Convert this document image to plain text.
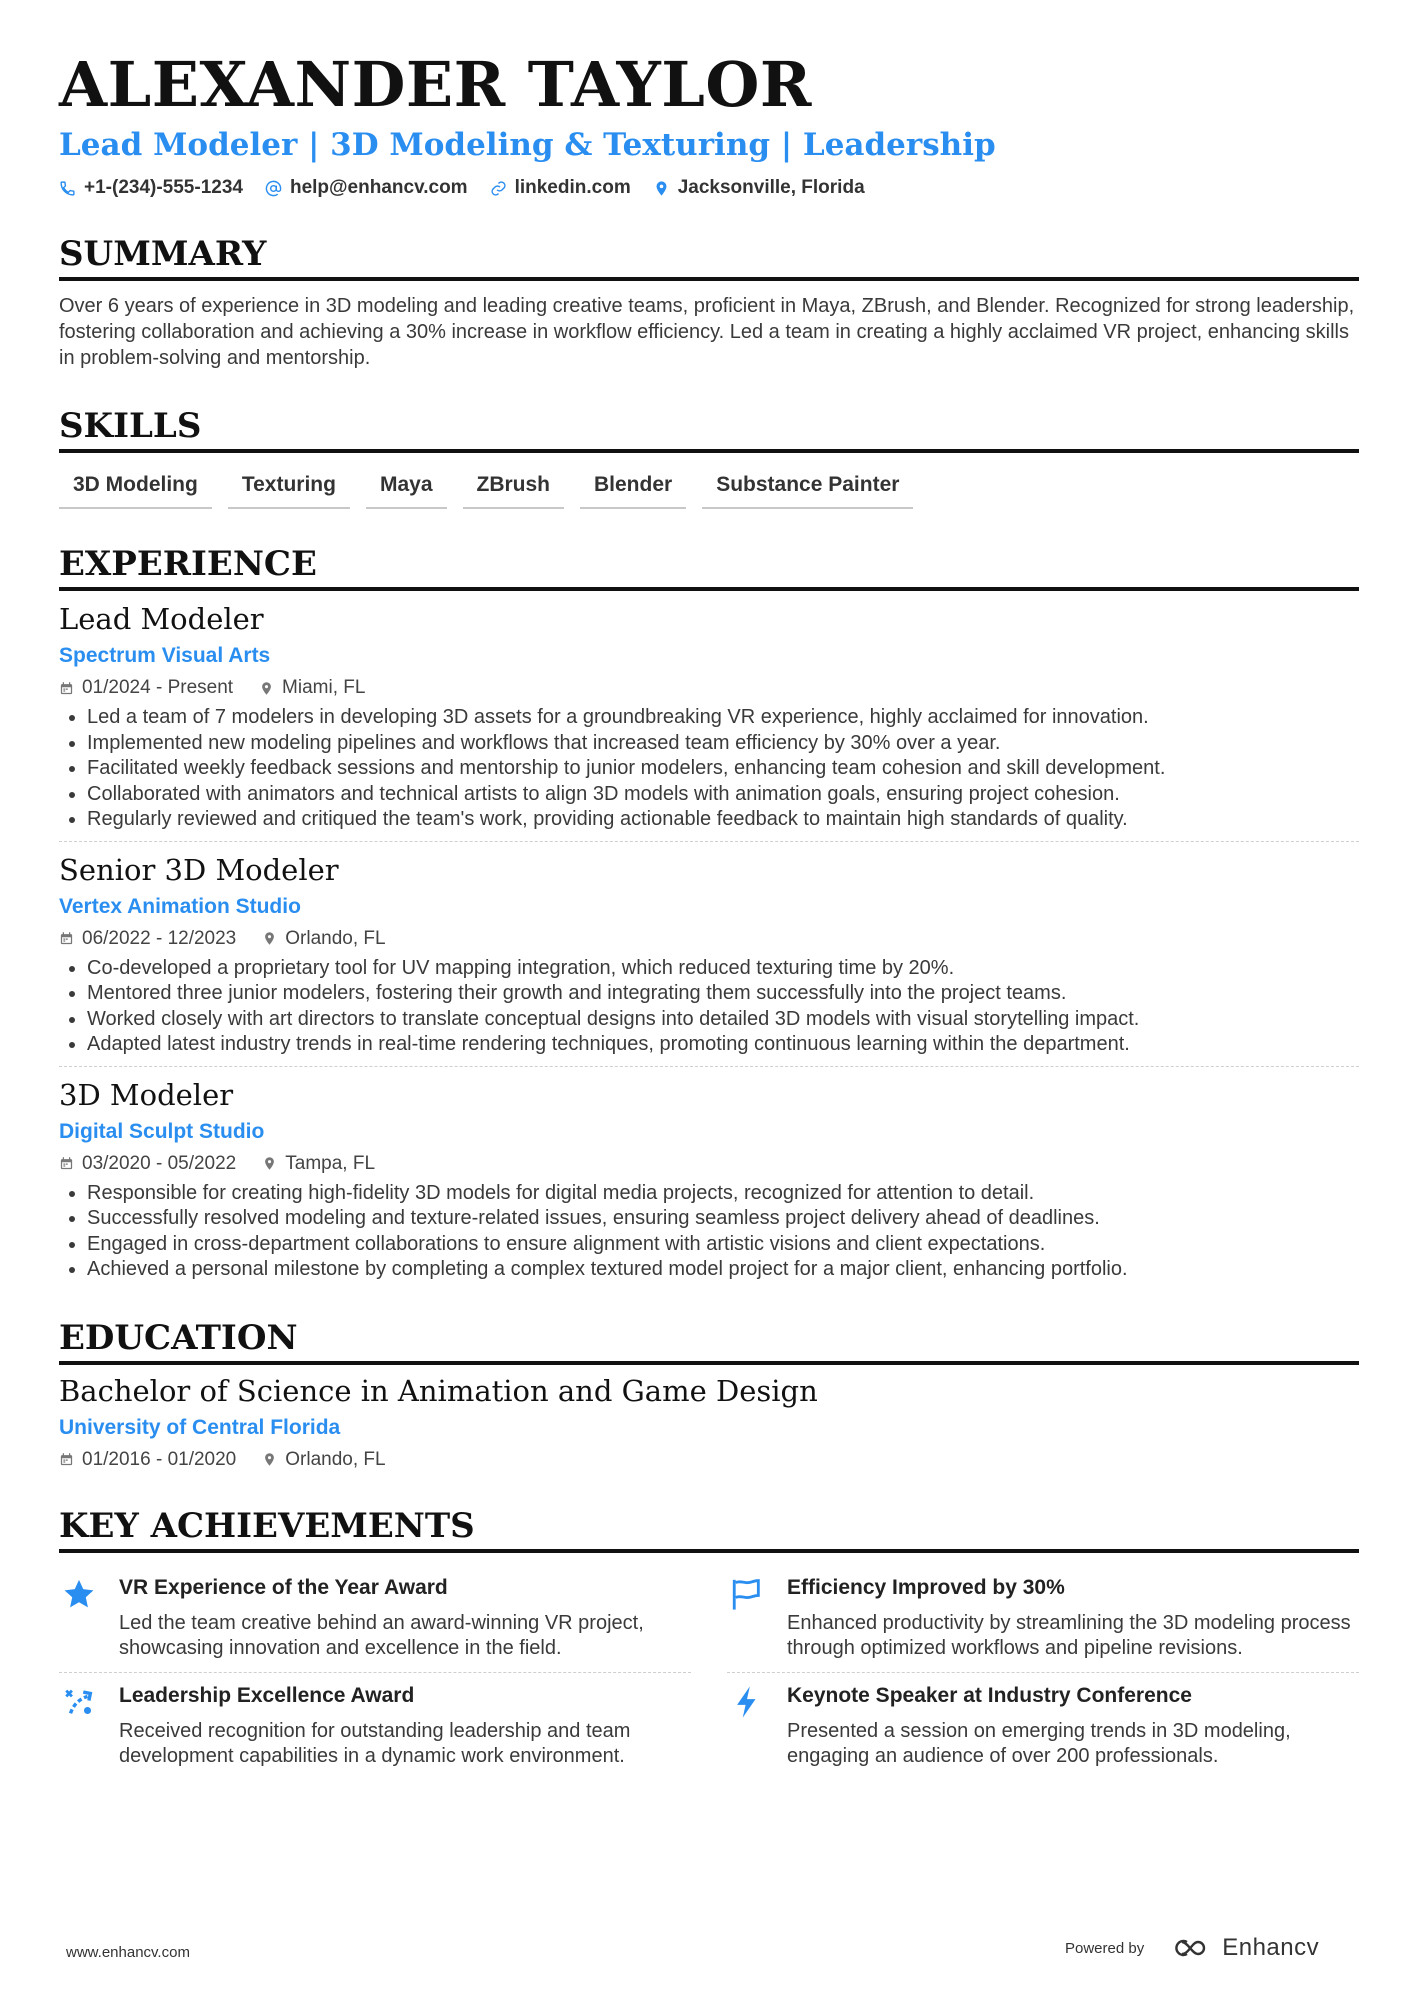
ALEXANDER TAYLOR
Lead Modeler | 3D Modeling & Texturing | Leadership
+1-(234)-555-1234 help@enhancv.com linkedin.com Jacksonville, Florida
SUMMARY
Over 6 years of experience in 3D modeling and leading creative teams, proficient in Maya, ZBrush, and Blender. Recognized for strong leadership, fostering collaboration and achieving a 30% increase in workflow efficiency. Led a team in creating a highly acclaimed VR project, enhancing skills in problem-solving and mentorship.
SKILLS
3D Modeling	Texturing	Maya	ZBrush	Blender	Substance Painter
EXPERIENCE
Lead Modeler
Spectrum Visual Arts
01/2024 - Present	Miami, FL
• Led a team of 7 modelers in developing 3D assets for a groundbreaking VR experience, highly acclaimed for innovation.
• Implemented new modeling pipelines and workflows that increased team efficiency by 30% over a year.
• Facilitated weekly feedback sessions and mentorship to junior modelers, enhancing team cohesion and skill development.
• Collaborated with animators and technical artists to align 3D models with animation goals, ensuring project cohesion.
• Regularly reviewed and critiqued the team's work, providing actionable feedback to maintain high standards of quality.
Senior 3D Modeler
Vertex Animation Studio
06/2022 - 12/2023	Orlando, FL
• Co-developed a proprietary tool for UV mapping integration, which reduced texturing time by 20%.
• Mentored three junior modelers, fostering their growth and integrating them successfully into the project teams.
• Worked closely with art directors to translate conceptual designs into detailed 3D models with visual storytelling impact.
• Adapted latest industry trends in real-time rendering techniques, promoting continuous learning within the department.
3D Modeler
Digital Sculpt Studio
03/2020 - 05/2022	Tampa, FL
• Responsible for creating high-fidelity 3D models for digital media projects, recognized for attention to detail.
• Successfully resolved modeling and texture-related issues, ensuring seamless project delivery ahead of deadlines.
• Engaged in cross-department collaborations to ensure alignment with artistic visions and client expectations.
• Achieved a personal milestone by completing a complex textured model project for a major client, enhancing portfolio.
EDUCATION
Bachelor of Science in Animation and Game Design
University of Central Florida
01/2016 - 01/2020	Orlando, FL
KEY ACHIEVEMENTS
VR Experience of the Year Award
Led the team creative behind an award-winning VR project, showcasing innovation and excellence in the field.
Efficiency Improved by 30%
Enhanced productivity by streamlining the 3D modeling process through optimized workflows and pipeline revisions.
Leadership Excellence Award
Received recognition for outstanding leadership and team development capabilities in a dynamic work environment.
Keynote Speaker at Industry Conference
Presented a session on emerging trends in 3D modeling, engaging an audience of over 200 professionals.
www.enhancv.com	Powered by	Enhancv
